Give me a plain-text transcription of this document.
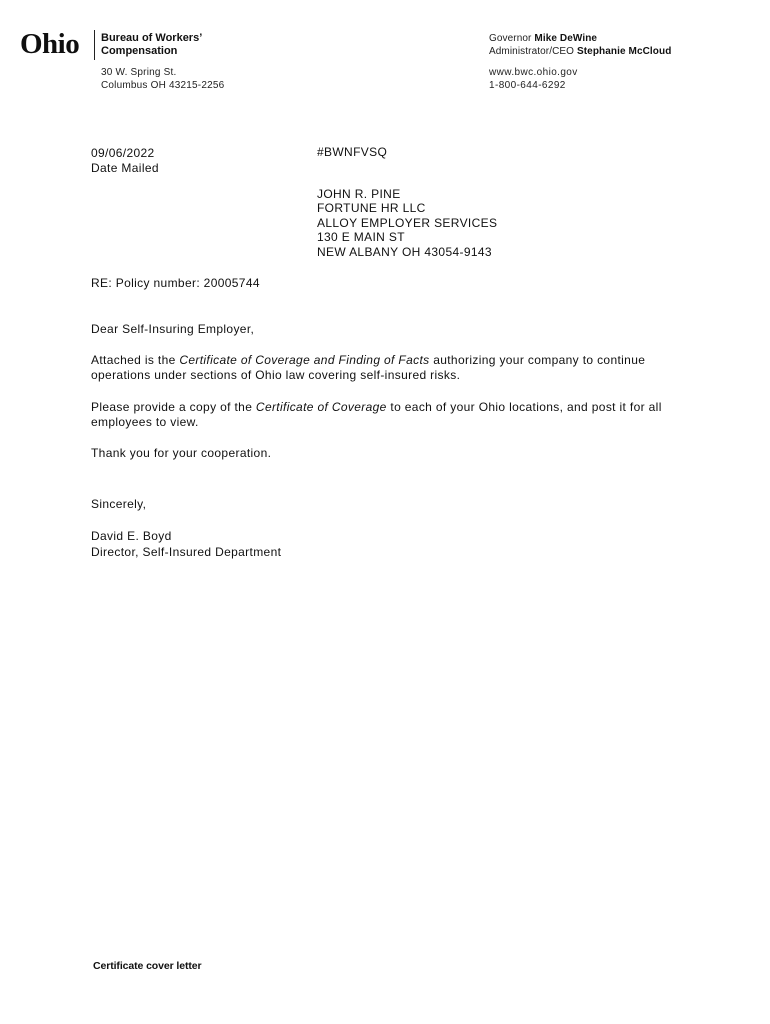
Ohio Bureau of Workers’
Compensation
30 W. Spring St.
Columbus OH 43215-2256
Governor Mike DeWine
Administrator/CEO Stephanie McCloud
www.bwc.ohio.gov
1-800-644-6292
09/06/2022
Date Mailed
#BWNFVSQ
JOHN R. PINE
FORTUNE HR LLC
ALLOY EMPLOYER SERVICES
130 E MAIN ST
NEW ALBANY OH 43054-9143
RE: Policy number: 20005744
Dear Self-Insuring Employer,
Attached is the Certificate of Coverage and Finding of Facts authorizing your company to continue
operations under sections of Ohio law covering self-insured risks.
Please provide a copy of the Certificate of Coverage to each of your Ohio locations, and post it for all
employees to view.
Thank you for your cooperation.
Sincerely,
David E. Boyd
Director, Self-Insured Department
Certificate cover letter
